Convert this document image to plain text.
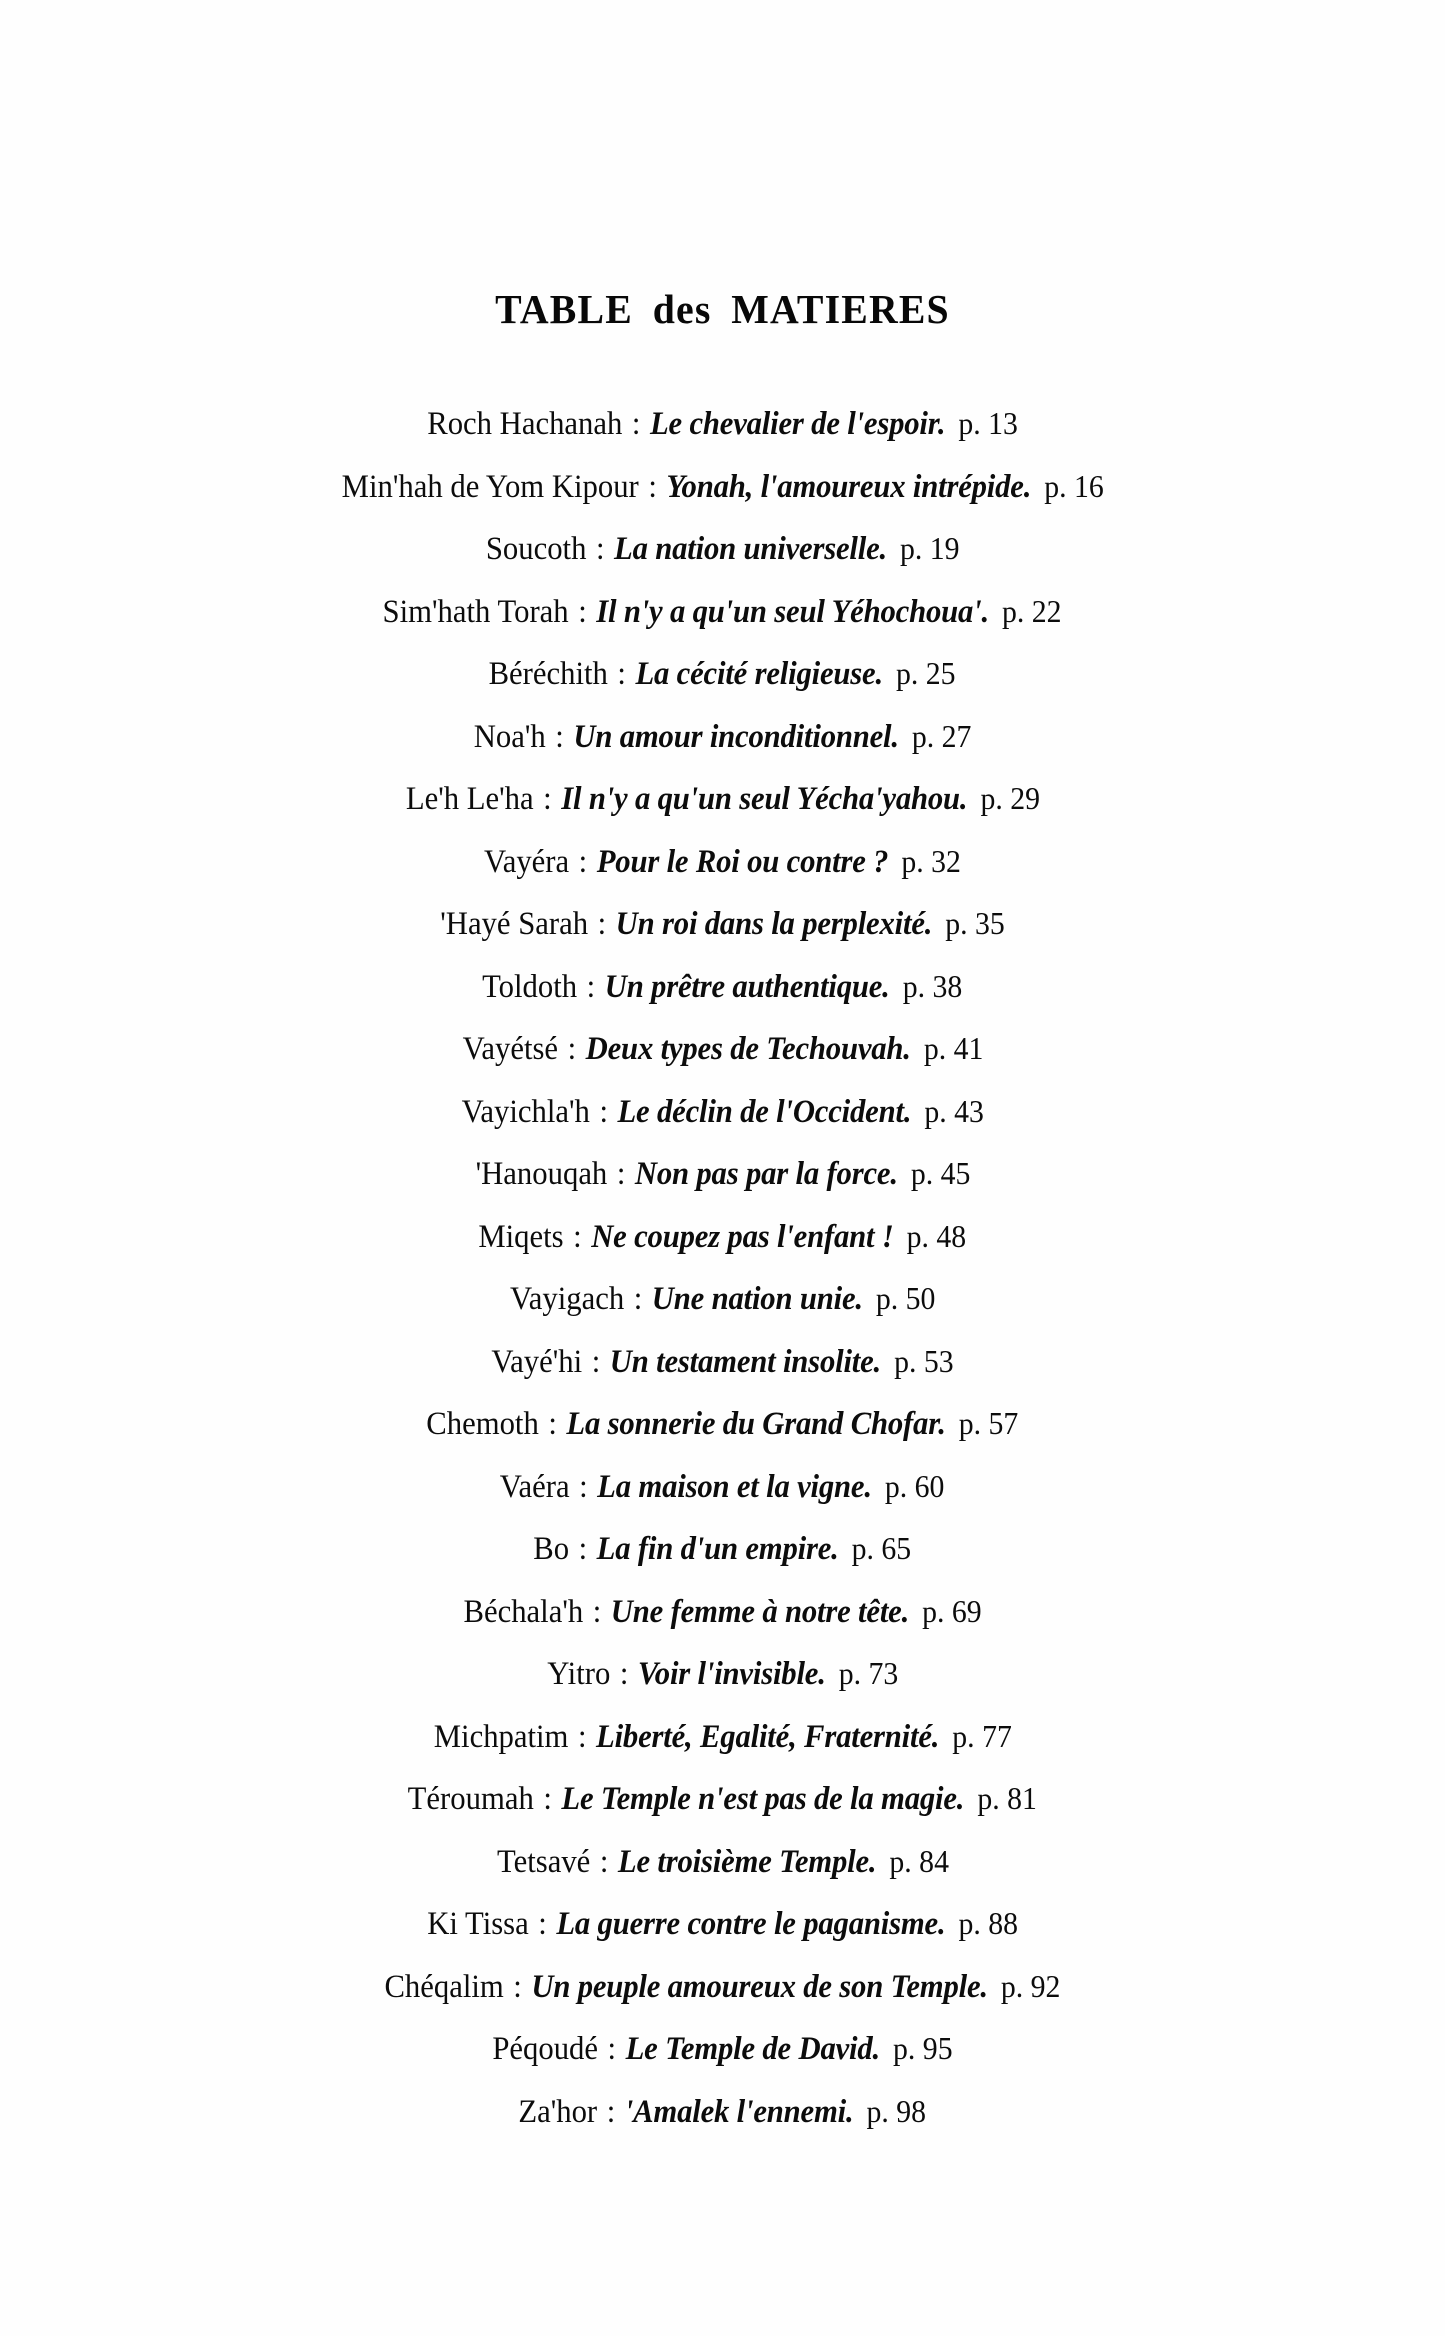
TABLE des MATIERES
Roch Hachanah : Le chevalier de l'espoir. p. 13
Min'hah de Yom Kipour : Yonah, l'amoureux intrépide. p. 16
Soucoth : La nation universelle. p. 19
Sim'hath Torah : Il n'y a qu'un seul Yéhochoua'. p. 22
Béréchith : La cécité religieuse. p. 25
Noa'h : Un amour inconditionnel. p. 27
Le'h Le'ha : Il n'y a qu'un seul Yécha'yahou. p. 29
Vayéra : Pour le Roi ou contre ? p. 32
'Hayé Sarah : Un roi dans la perplexité. p. 35
Toldoth : Un prêtre authentique. p. 38
Vayétsé : Deux types de Techouvah. p. 41
Vayichla'h : Le déclin de l'Occident. p. 43
'Hanouqah : Non pas par la force. p. 45
Miqets : Ne coupez pas l'enfant ! p. 48
Vayigach : Une nation unie. p. 50
Vayé'hi : Un testament insolite. p. 53
Chemoth : La sonnerie du Grand Chofar. p. 57
Vaéra : La maison et la vigne. p. 60
Bo : La fin d'un empire. p. 65
Béchala'h : Une femme à notre tête. p. 69
Yitro : Voir l'invisible. p. 73
Michpatim : Liberté, Egalité, Fraternité. p. 77
Téroumah : Le Temple n'est pas de la magie. p. 81
Tetsavé : Le troisième Temple. p. 84
Ki Tissa : La guerre contre le paganisme. p. 88
Chéqalim : Un peuple amoureux de son Temple. p. 92
Péqoudé : Le Temple de David. p. 95
Za'hor : 'Amalek l'ennemi. p. 98
